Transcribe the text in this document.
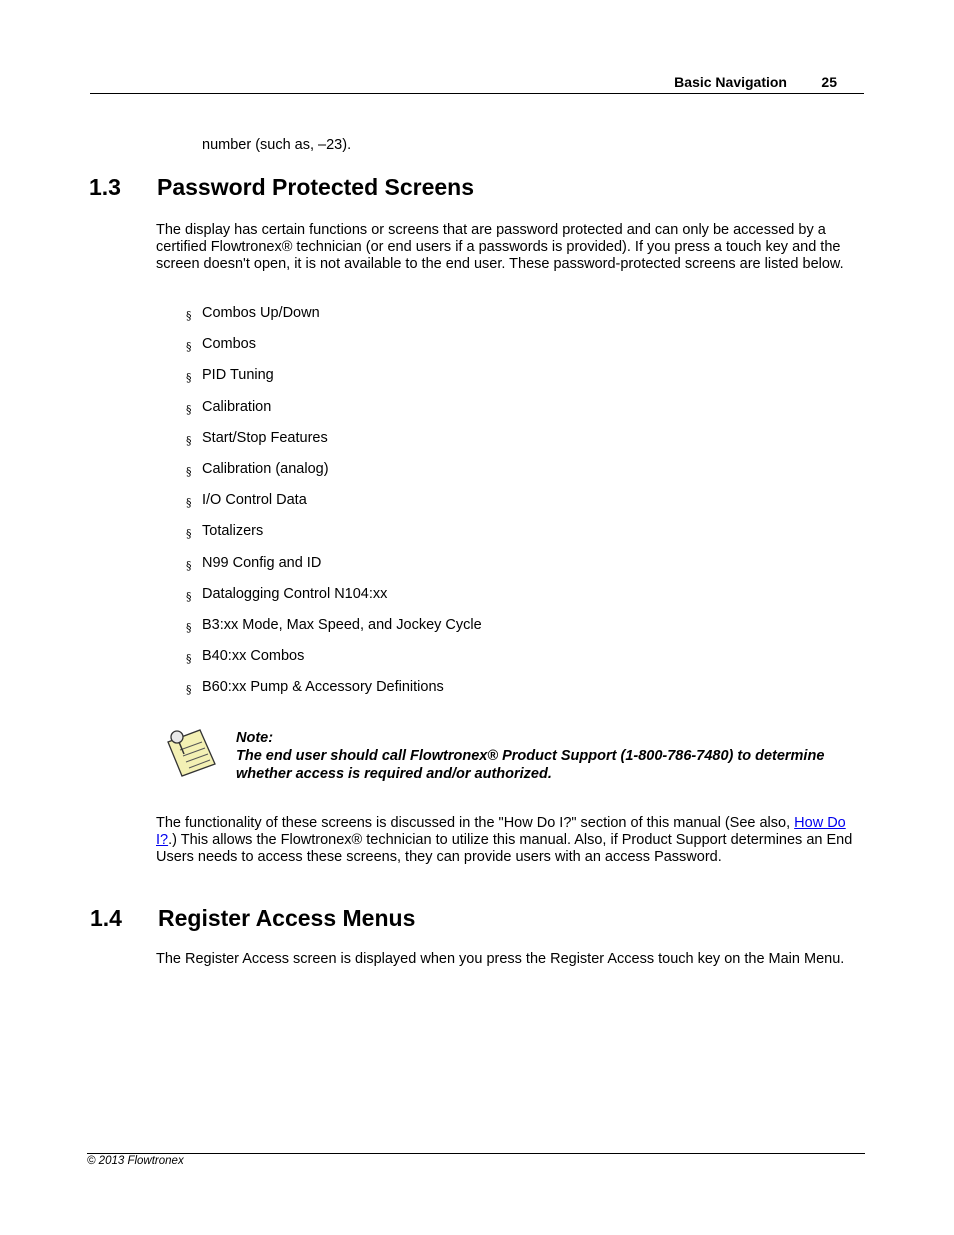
Basic Navigation 25

number (such as, –23).

1.3 Password Protected Screens

The display has certain functions or screens that are password protected and can only be accessed by a certified Flowtronex® technician (or end users if a passwords is provided). If you press a touch key and the screen doesn't open, it is not available to the end user. These password-protected screens are listed below.

§ Combos Up/Down
§ Combos
§ PID Tuning
§ Calibration
§ Start/Stop Features
§ Calibration (analog)
§ I/O Control Data
§ Totalizers
§ N99 Config and ID
§ Datalogging Control N104:xx
§ B3:xx Mode, Max Speed, and Jockey Cycle
§ B40:xx Combos
§ B60:xx Pump & Accessory Definitions
Note:
The end user should call Flowtronex® Product Support (1-800-786-7480) to determine whether access is required and/or authorized.

The functionality of these screens is discussed in the "How Do I?" section of this manual (See also, How Do I?.) This allows the Flowtronex® technician to utilize this manual. Also, if Product Support determines an End Users needs to access these screens, they can provide users with an access Password.

1.4 Register Access Menus

The Register Access screen is displayed when you press the Register Access touch key on the Main Menu.

© 2013 Flowtronex
